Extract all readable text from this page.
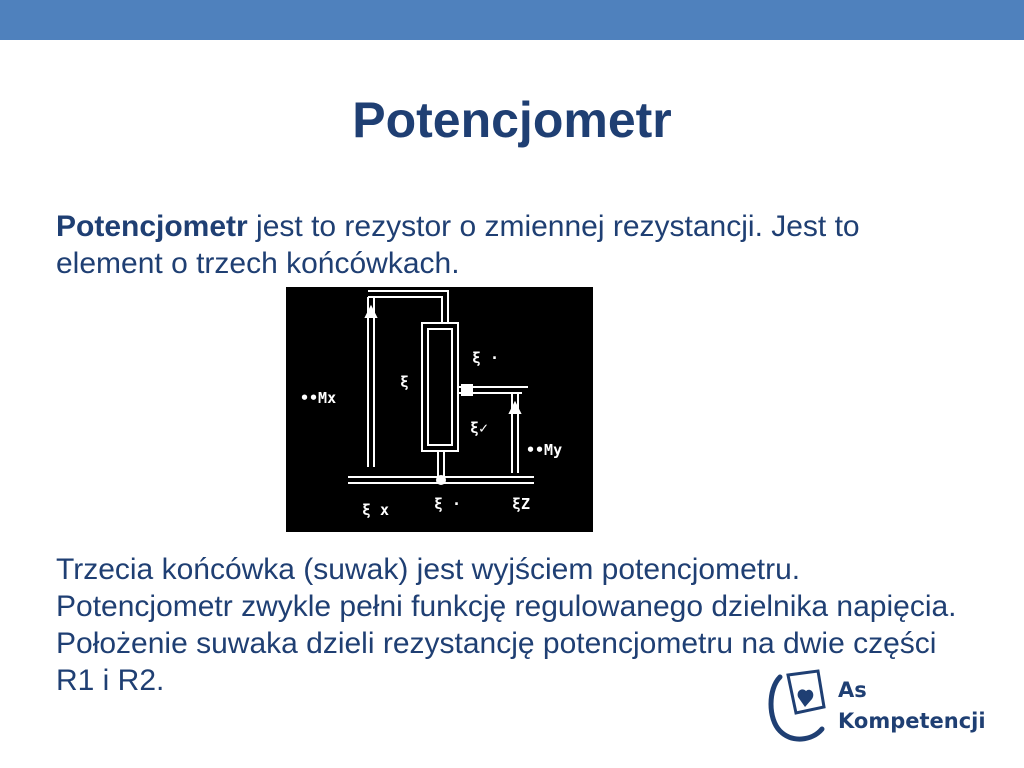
Potencjometr

Potencjometr jest to rezystor o zmiennej rezystancji. Jest to element o trzech końcówkach.

••Mx
••My
ξ
ξ ·
ξ✓
ξ x	ξ ·	ξZ

Trzecia końcówka (suwak) jest wyjściem potencjometru. Potencjometr zwykle pełni funkcję regulowanego dzielnika napięcia. Położenie suwaka dzieli rezystancję potencjometru na dwie części R1 i R2.	As
Kompetencji
